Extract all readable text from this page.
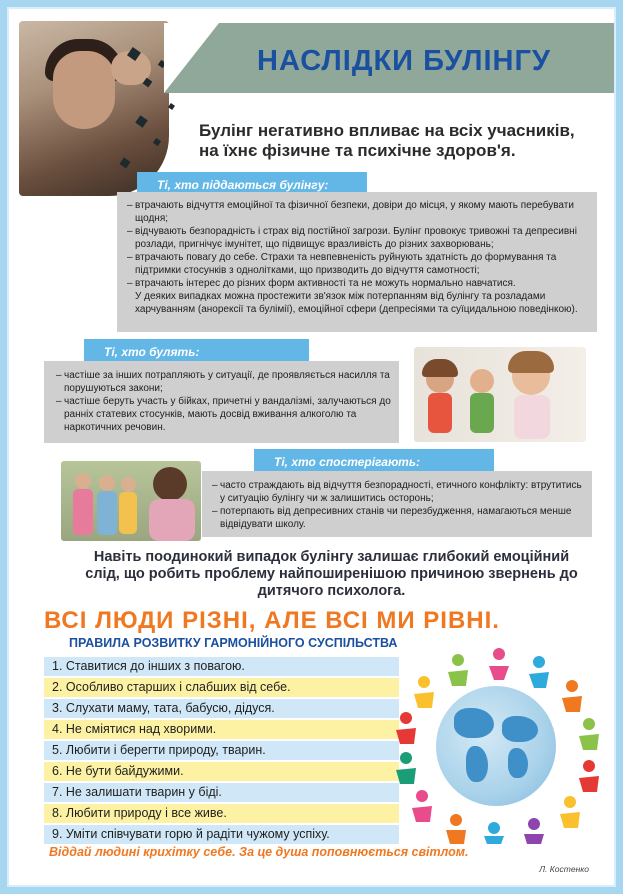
НАСЛІДКИ БУЛІНГУ
Булінг негативно впливає на всіх учасників, на їхнє фізичне та психічне здоров'я.
Ті, хто піддаються булінгу:
– втрачають відчуття емоційної та фізичної безпеки, довіри до місця, у якому мають перебувати щодня;
– відчувають безпорадність і страх від постійної загрози. Булінг провокує тривожні та депресивні розлади, пригнічує імунітет, що підвищує вразливість до різних захворювань;
– втрачають повагу до себе. Страхи та невпевненість руйнують здатність до формування та підтримки стосунків з однолітками, що призводить до відчуття самотності;
– втрачають інтерес до різних форм активності та не можуть нормально навчатися.
У деяких випадках можна простежити зв'язок між потерпанням від булінгу та розладами харчуванням (анорексії та булімії), емоційної сфери (депресіями та суїцидальною поведінкою).
Ті, хто булять:
– частіше за інших потрапляють у ситуації, де проявляється насилля та порушуються закони;
– частіше беруть участь у бійках, причетні у вандалізмі, залучаються до ранніх статевих стосунків, мають досвід вживання алкоголю та наркотичних речовин.
Ті, хто спостерігають:
– часто страждають від відчуття безпорадності, етичного конфлікту: втрутитись у ситуацію булінгу чи ж залишитись осторонь;
– потерпають від депресивних станів чи перезбудження, намагаються менше відвідувати школу.
Навіть поодинокий випадок булінгу залишає глибокий емоційний слід, що робить проблему найпоширенішою причиною звернень до дитячого психолога.
ВСІ ЛЮДИ РІЗНІ, АЛЕ ВСІ МИ РІВНІ.
ПРАВИЛА РОЗВИТКУ ГАРМОНІЙНОГО СУСПІЛЬСТВА
1. Ставитися до інших з повагою.
2. Особливо старших і слабших від себе.
3. Слухати маму, тата, бабусю, дідуся.
4. Не сміятися над хворими.
5. Любити і берегти природу, тварин.
6. Не бути байдужими.
7. Не залишати тварин у біді.
8. Любити природу і все живе.
9. Уміти співчувати горю й радіти чужому успіху.
Віддай людині крихітку себе. За це душа поповнюється світлом.
Л. Костенко
